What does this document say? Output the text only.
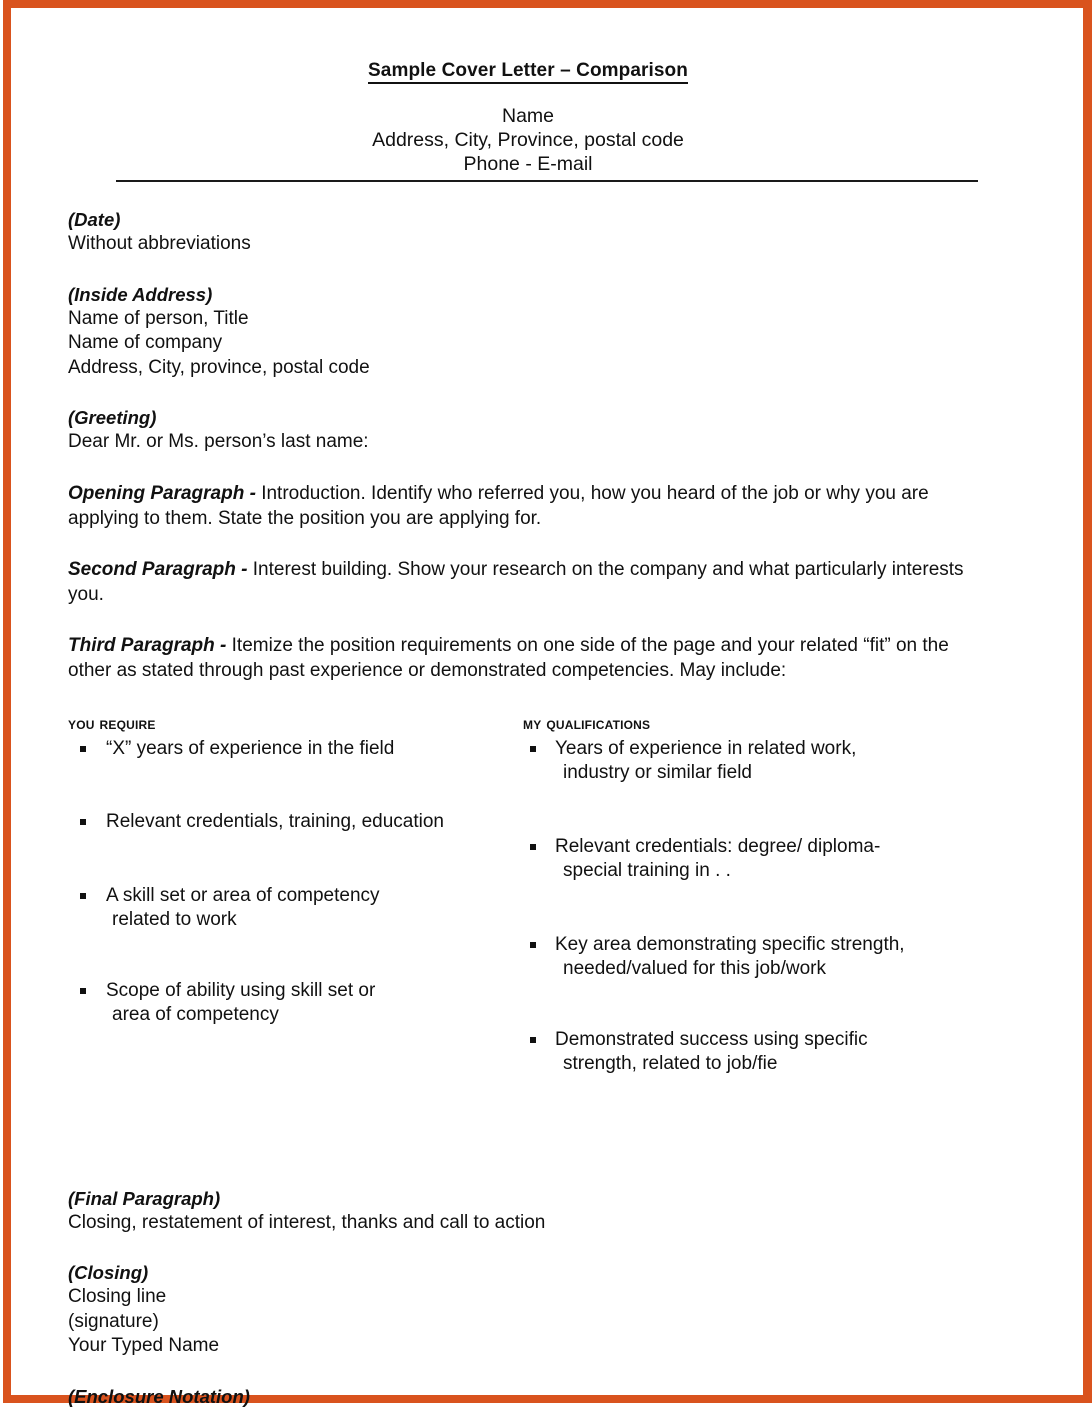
Sample Cover Letter – Comparison
Name
Address, City, Province, postal code
Phone - E-mail
(Date)
Without abbreviations
(Inside Address)
Name of person, Title
Name of company
Address, City, province, postal code
(Greeting)
Dear Mr. or Ms. person’s last name:
Opening Paragraph - Introduction. Identify who referred you, how you heard of the job or why you are applying to them. State the position you are applying for.
Second Paragraph - Interest building. Show your research on the company and what particularly interests you.
Third Paragraph - Itemize the position requirements on one side of the page and your related “fit” on the other as stated through past experience or demonstrated competencies. May include:
you require
“X” years of experience in the field
Relevant credentials, training, education
A skill set or area of competency
related to work
Scope of ability using skill set or
area of competency
my qualifications
Years of experience in related work,
industry or similar field
Relevant credentials: degree/ diploma-
special training in . .
Key area demonstrating specific strength,
needed/valued for this job/work
Demonstrated success using specific
strength, related to job/fie
(Final Paragraph)
Closing, restatement of interest, thanks and call to action
(Closing)
Closing line
(signature)
Your Typed Name
(Enclosure Notation)
